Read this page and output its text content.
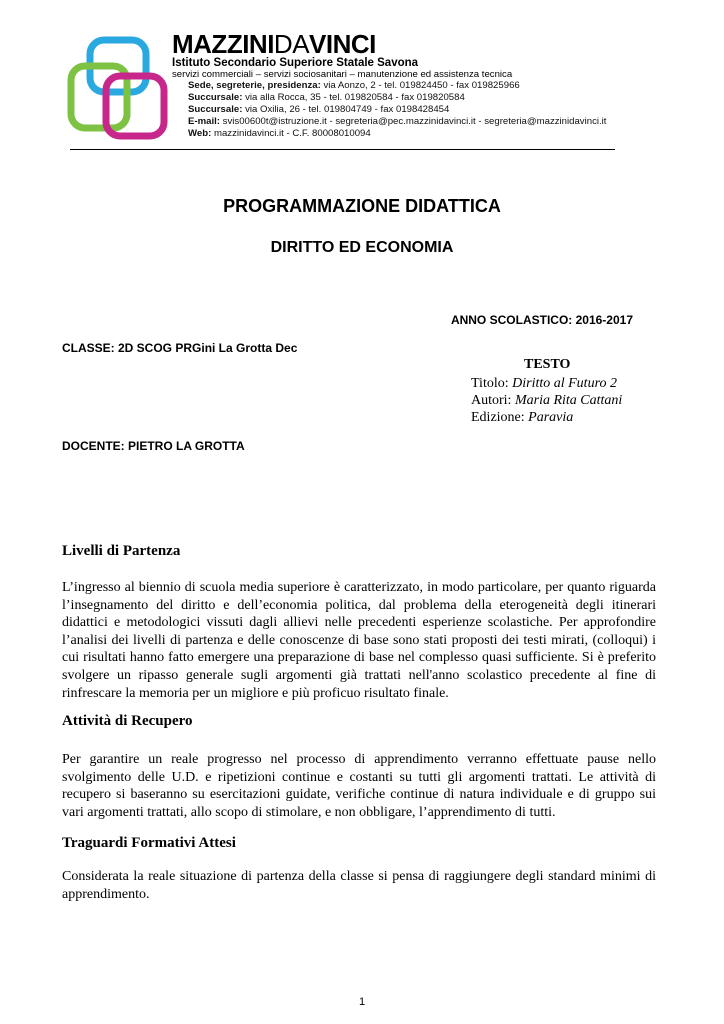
MAZZINIDAVINCI
Istituto Secondario Superiore Statale Savona
servizi commerciali – servizi sociosanitari – manutenzione ed assistenza tecnica
Sede, segreterie, presidenza: via Aonzo, 2 - tel. 019824450 - fax 019825966
Succursale: via alla Rocca, 35 - tel. 019820584 - fax 019820584
Succursale: via Oxilia, 26 - tel. 019804749 - fax 0198428454
E-mail: svis00600t@istruzione.it - segreteria@pec.mazzinidavinci.it - segreteria@mazzinidavinci.it
Web: mazzinidavinci.it - C.F. 80008010094
PROGRAMMAZIONE DIDATTICA
DIRITTO ED ECONOMIA
ANNO SCOLASTICO: 2016-2017
CLASSE: 2D SCOG PRGini La Grotta Dec
TESTO
Titolo: Diritto al Futuro 2
Autori: Maria Rita Cattani
Edizione: Paravia
DOCENTE: PIETRO LA GROTTA
Livelli di Partenza
L’ingresso al biennio di scuola media superiore è caratterizzato, in modo particolare, per quanto riguarda l’insegnamento del diritto e dell’economia politica, dal problema della eterogeneità degli itinerari didattici e metodologici vissuti dagli allievi nelle precedenti esperienze scolastiche. Per approfondire l’analisi dei livelli di partenza e delle conoscenze di base sono stati proposti dei testi mirati, (colloqui) i cui risultati hanno fatto emergere una preparazione di base nel complesso quasi sufficiente. Si è preferito svolgere un ripasso generale sugli argomenti già trattati nell'anno scolastico precedente al fine di rinfrescare la memoria per un migliore e più proficuo risultato finale.
Attività di Recupero
Per garantire un reale progresso nel processo di apprendimento verranno effettuate pause nello svolgimento delle U.D. e ripetizioni continue e costanti su tutti gli argomenti trattati. Le attività di recupero si baseranno su esercitazioni guidate, verifiche continue di natura individuale e di gruppo sui vari argomenti trattati, allo scopo di stimolare, e non obbligare, l’apprendimento di tutti.
Traguardi Formativi Attesi
Considerata la reale situazione di partenza della classe si pensa di raggiungere degli standard minimi di apprendimento.
1
